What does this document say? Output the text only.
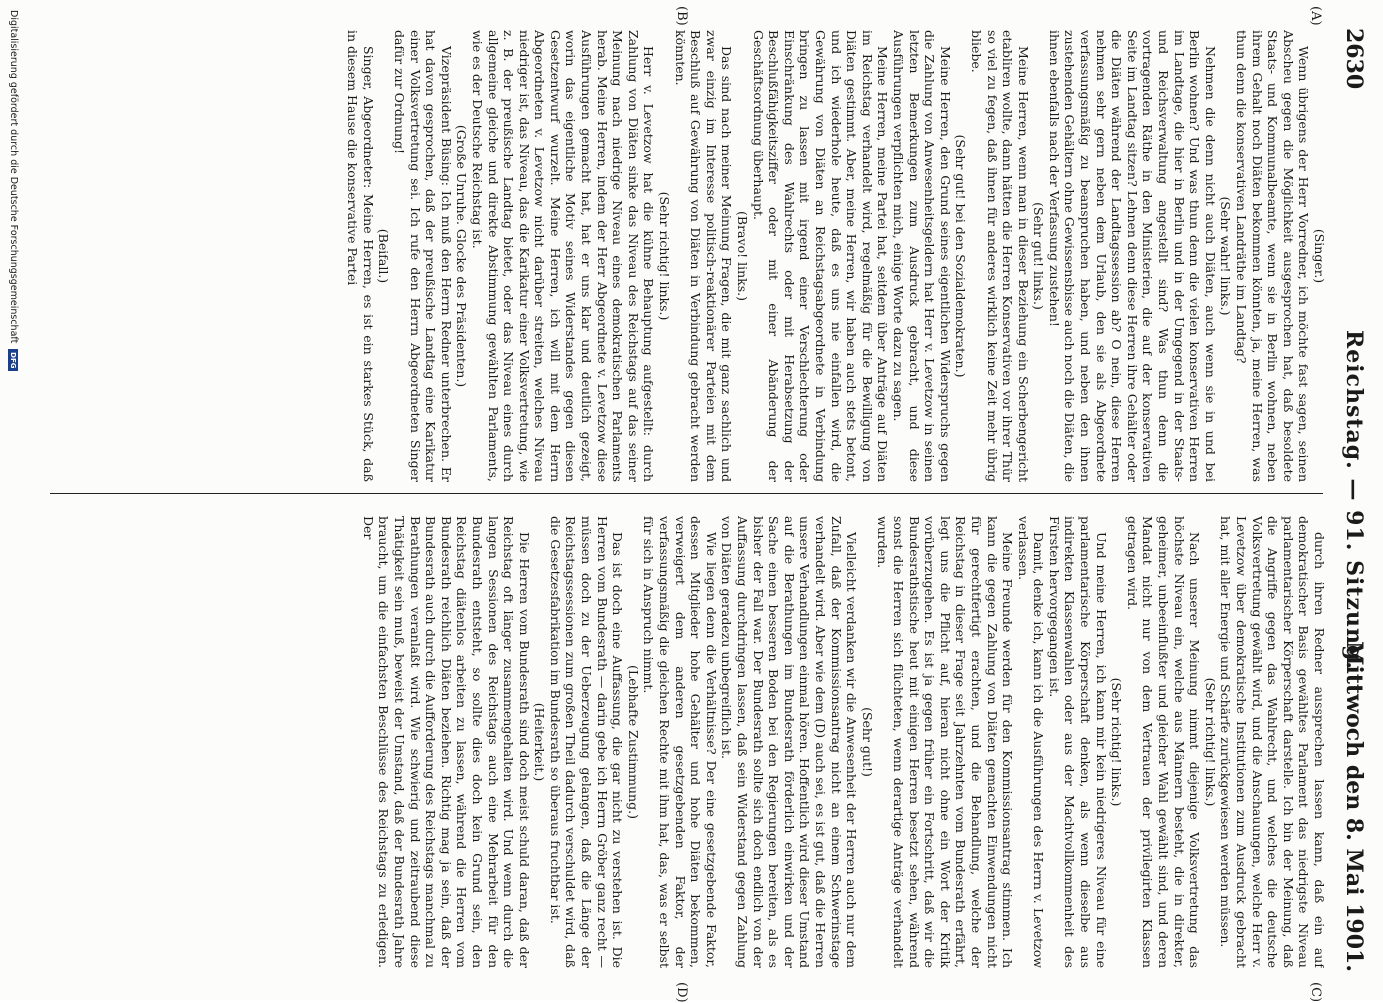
2630
Reichstag. — 91. Sitzung.
Mittwoch den 8. Mai 1901.
(A)
(B)
(C)
(D)

(Singer.)

Wenn übrigens der Herr Vorredner, ich möchte fast sagen, seinen Abscheu gegen die Möglichkeit ausgesprochen hat, daß besoldete Staats- und Kommunalbeamte, wenn sie in Berlin wohnen, neben ihrem Gehalt noch Diäten bekommen könnten, ja, meine Herren, was thun denn die konservativen Landräthe im Landtag?

(Sehr wahr! links.)

Nehmen die denn nicht auch Diäten, auch wenn sie in und bei Berlin wohnen? Und was thun denn die vielen konservativen Herren im Landtage, die hier in Berlin und in der Umgegend in der Staats- und Reichsverwaltung angestellt sind? Was thun denn die vortragenden Räthe in den Ministerien, die auf der konservativen Seite im Landtag sitzen? Lehnen denn diese Herren ihre Gehälter oder die Diäten während der Landtagssession ab? O nein, diese Herren nehmen sehr gern neben dem Urlaub, den sie als Abgeordnete verfassungsmäßig zu beanspruchen haben, und neben den ihnen zustehenden Gehältern ohne Gewissensbisse auch noch die Diäten, die ihnen ebenfalls nach der Verfassung zustehen!

(Sehr gut! links.)

Meine Herren, wenn man in dieser Beziehung ein Scherbengericht etabliren wollte, dann hätten die Herren Konservativen vor ihrer Thür so viel zu fegen, daß ihnen für anderes wirklich keine Zeit mehr übrig bliebe.

(Sehr gut! bei den Sozialdemokraten.)

Meine Herren, den Grund seines eigentlichen Widerspruchs gegen die Zahlung von Anwesenheitsgeldern hat Herr v. Levetzow in seinen letzten Bemerkungen zum Ausdruck gebracht, und diese Ausführungen verpflichten mich, einige Worte dazu zu sagen.

Meine Herren, meine Partei hat, seitdem über Anträge auf Diäten im Reichstag verhandelt wird, regelmäßig für die Bewilligung von Diäten gestimmt. Aber, meine Herren, wir haben auch stets betont, und ich wiederhole heute, daß es uns nie einfallen wird, die Gewährung von Diäten an Reichstagsabgeordnete in Verbindung bringen zu lassen mit irgend einer Verschlechterung oder Einschränkung des Wahlrechts oder mit Herabsetzung der Beschlußfähigkeitsziffer oder mit einer Abänderung der Geschäftsordnung überhaupt.

(Bravo! links.)

Das sind nach meiner Meinung Fragen, die mit ganz sachlich und zwar einzig im Interesse politisch-reaktionärer Parteien mit dem Beschluß auf Gewährung von Diäten in Verbindung gebracht werden könnten.

(Sehr richtig! links.)

Herr v. Levetzow hat die kühne Behauptung aufgestellt: durch Zahlung von Diäten sinke das Niveau des Reichstags auf das seiner Meinung nach niedrige Niveau eines demokratischen Parlaments herab. Meine Herren, indem der Herr Abgeordnete v. Levetzow diese Ausführungen gemacht hat, hat er uns klar und deutlich gezeigt, worin das eigentliche Motiv seines Widerstandes gegen diesen Gesetzentwurf wurzelt. Meine Herren, ich will mit dem Herrn Abgeordneten v. Levetzow nicht darüber streiten, welches Niveau niedriger ist, das Niveau, das die Karikatur einer Volksvertretung, wie z. B. der preußische Landtag bietet, oder das Niveau eines durch allgemeine gleiche und direkte Abstimmung gewählten Parlaments, wie es der Deutsche Reichstag ist.

(Große Unruhe. Glocke des Präsidenten.)

Vizepräsident Büsing: Ich muß den Herrn Redner unterbrechen. Er hat davon gesprochen, daß der preußische Landtag eine Karikatur einer Volksvertretung sei. Ich rufe den Herrn Abgeordneten Singer dafür zur Ordnung!

(Beifall.)

Singer, Abgeordneter: Meine Herren, es ist ein starkes Stück, daß in diesem Hause die konservative Partei

durch ihren Redner aussprechen lassen kann, daß ein auf demokratischer Basis gewähltes Parlament das niedrigste Niveau parlamentarischer Körperschaft darstelle. Ich bin der Meinung, daß die Angriffe gegen das Wahlrecht, und welches die deutsche Volksvertretung gewählt wird, und die Anschauungen, welche Herr v. Levetzow über demokratische Institutionen zum Ausdruck gebracht hat, mit aller Energie und Schärfe zurückgewiesen werden müssen.

(Sehr richtig! links.)

Nach unserer Meinung nimmt diejenige Volksvertretung das höchste Niveau ein, welche aus Männern besteht, die in direkter, geheimer, unbeeinflußter und gleicher Wahl gewählt sind, und deren Mandat nicht nur von dem Vertrauen der privilegirten Klassen getragen wird.

(Sehr richtig! links.)

Und meine Herren, ich kann mir kein niedrigeres Niveau für eine parlamentarische Körperschaft denken, als wenn dieselbe aus indirekten Klassenwahlen oder aus der Machtvollkommenheit des Fürsten hervorgegangen ist.

Damit, denke ich, kann ich die Ausführungen des Herrn v. Levetzow verlassen.

Meine Freunde werden für den Kommissionsantrag stimmen. Ich kann die gegen Zahlung von Diäten gemachten Einwendungen nicht für gerechtfertigt erachten, und die Behandlung, welche der Reichstag in dieser Frage seit Jahrzehnten vom Bundesrath erfährt, legt uns die Pflicht auf, hieran nicht ohne ein Wort der Kritik vorüberzugehen. Es ist ja gegen früher ein Fortschritt, daß wir die Bundesrathstische heut mit einigen Herren besetzt sehen, während sonst die Herren sich flüchteten, wenn derartige Anträge verhandelt wurden.

(Sehr gut!)

Vielleicht verdanken wir die Anwesenheit der Herren auch nur dem Zufall, daß der Kommissionsantrag nicht an einem Schwerinstage verhandelt wird. Aber wie dem (D) auch sei, es ist gut, daß die Herren unsere Verhandlungen einmal hören. Hoffentlich wird dieser Umstand auf die Berathungen im Bundesrath förderlich einwirken und der Sache einen besseren Boden bei den Regierungen bereiten, als es bisher der Fall war. Der Bundesrath sollte sich doch endlich von der Auffassung durchdringen lassen, daß sein Widerstand gegen Zahlung von Diäten geradezu unbegreiflich ist.

Wie liegen denn die Verhältnisse? Der eine gesetzgebende Faktor, dessen Mitglieder hohe Gehälter und hohe Diäten bekommen, verweigert dem anderen gesetzgebenden Faktor, der verfassungsmäßig die gleichen Rechte mit ihm hat, das, was er selbst für sich in Anspruch nimmt.

(Lebhafte Zustimmung.)

Das ist doch eine Auffassung, die gar nicht zu verstehen ist. Die Herren vom Bundesrath — darin gebe ich Herrn Gröber ganz recht — müssen doch zu der Ueberzeugung gelangen, daß die Länge der Reichstagssessionen zum großen Theil dadurch verschuldet wird, daß die Gesetzesfabrikation im Bundesrath so überaus fruchtbar ist.

(Heiterkeit.)

Die Herren vom Bundesrath sind doch meist schuld daran, daß der Reichstag oft länger zusammengehalten wird. Und wenn durch die langen Sessionen des Reichstags auch eine Mehrarbeit für den Bundesrath entsteht, so sollte dies doch kein Grund sein, den Reichstag diätenlos arbeiten zu lassen, während die Herren vom Bundesrath reichlich Diäten beziehen. Richtig mag ja sein, daß der Bundesrath auch durch die Aufforderung des Reichstags manchmal zu Berathungen veranlaßt wird. Wie schwierig und zeitraubend diese Thätigkeit sein muß, beweist der Umstand, daß der Bundesrath Jahre braucht, um die einfachsten Beschlüsse des Reichstags zu erledigen. Der

Digitalisierung gefördert durch die Deutsche Forschungsgemeinschaft
DFG
